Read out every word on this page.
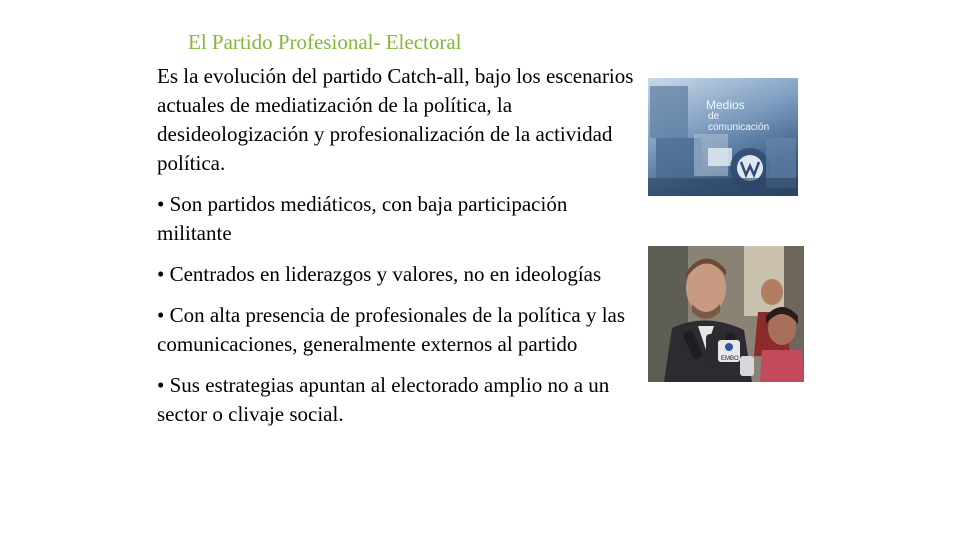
El Partido Profesional- Electoral

Es la evolución del partido Catch-all, bajo los escenarios actuales de mediatización de la política, la desideologización y profesionalización de la actividad política.

• Son partidos mediáticos, con baja participación militante

• Centrados en liderazgos y valores, no en ideologías

• Con alta presencia de profesionales de la política y las comunicaciones, generalmente externos al partido

• Sus estrategias apuntan al electorado amplio no a un sector o clivaje social.

Medios
de
comunicación
EMBO
